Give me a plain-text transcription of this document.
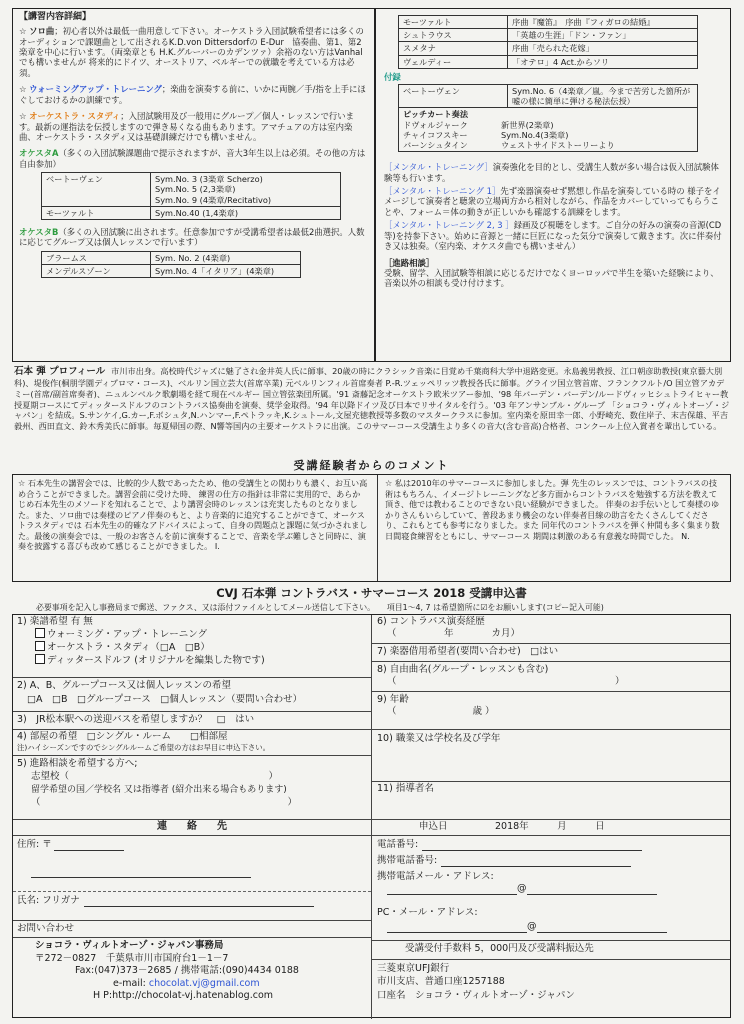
【講習内容詳細】
☆ ソロ曲；初心者以外は最低一曲用意して下さい。オーケストラ入団試験希望者には多くのオーディションで課題曲として出されるK.D.von Dittersdorfの E-Dur　協奏曲、第1、第2楽章を中心に行います。（両楽章とも H.K.グルーバーのカデンツァ）余裕のない方はVanhalでも構いませんが 将来的にドイツ、オーストリア、ベルギーでの就職を考えている方は必須。
☆ ウォーミングアップ・トレーニング；楽曲を演奏する前に、いかに両腕／手/指を上手にほぐしておけるかの訓練です。
☆ オーケストラ・スタディ；入団試験用及び一般用にグループ／個人・レッスンで行います。最新の運指法を伝授しますので弾き易くなる曲もあります。アマチュアの方は室内楽曲、オーケストラ・スタディ又は基礎訓練だけでも構いません。
オケスタA（多くの入団試験課題曲で提示されますが、音大3年生以上は必須。その他の方は自由参加）
ベートーヴェン	Sym.No. 3 (3楽章 Scherzo)
Sym.No. 5 (2,3楽章)
Sym.No. 9 (4楽章/Recitativo)
モーツァルト	Sym.No.40 (1,4楽章)
オケスタB（多くの入団試験に出されます。任意参加ですが受講希望者は最低2曲選択。人数に応じてグループ又は個人レッスンで行います）
ブラームス	Sym. No. 2 (4楽章)
メンデルスゾーン	Sym.No. 4「イタリア」(4楽章)
モーツァルト	序曲『魔笛』　序曲『フィガロの結婚』
シュトラウス	「英雄の生涯」「ドン・ファン」
スメタナ	序曲「売られた花嫁」
ヴェルディー	「オテロ」4 Act.からソリ
付録
ベートーヴェン	Sym.No. 6（4楽章／嵐。今まで苦労した箇所が嘘の様に簡単に弾ける秘法伝授）

ピッチカート奏法
ドヴォルジャーク	新世界(2楽章)
チャイコフスキー	Sym.No.4(3楽章)
バーンシュタイン	ウェストサイドストーリーより
［メンタル・トレーニング］演奏強化を目的とし、受講生人数が多い場合は仮入団試験体験等も行います。
［メンタル・トレーニング 1］先ず楽器演奏せず黙想し作品を演奏している時の 様子をイメージして演奏者と聴衆の立場両方から相対しながら、作品をカバーしていってもらうことや、フォーム＝体の動きが正しいかも確認する訓練をします。
［メンタル・トレーニング 2, 3 ］録画及び視聴をします。ご自分の好みの演奏の音源(CD等)を持参下さい。始めに音源と一緒に巨匠になった気分で演奏して戴きます。次に伴奏付き又は独奏。（室内楽、オケスタ曲でも構いません）
［進路相談］
受験、留学、入団試験等相談に応じるだけでなくヨーロッパで半生を築いた経験により、音楽以外の相談も受け付けます。
石本 弾 プロフィール 市川市出身。高校時代ジャズに魅了され金井英人氏に師事、20歳の時にクラシック音楽に目覚め千葉商科大学中退路変更。永島義男教授、江口朝彦助教授(東京藝大別科)、堤俊作(桐朋学園ディプロマ・コース)、ベルリン国立芸大(首席卒業) 元ベルリンフィル首席奏者 P.-R.ツェッペリッツ教授各氏に師事。グライツ国立管首席、フランクフルト/O 国立管アカデミー(首席/副首席奏者)、ニュルンベルク歌劇場を経て現在ベルギー 国立管弦楽団所属。'91 斎藤記念オーケストラ欧米ツアー参加、'98 年バーデン・バーデン/ルードヴィッヒシュトライヒャー教授夏期コースにてディッタースドルフのコントラバス協奏曲を演奏、奨学金取得。'94 年以降ドイツ及び日本でリサイタルを行う。'03 年アンサンブル・グループ 「ショコラ・ヴィルトオーゾ・ジャパン」を結成。S.サンケイ,G.カー,F.ボシュタ,N.ハンマー,F.ペトラッキ,K.シュトール,文屋充徳教授等多数のマスタークラスに参加。室内楽を原田幸一郎、小野崎充、数住岸子、末吉保雄、平吉毅州、西田直文、鈴木秀美氏に師事。毎夏帰国の際、N響等国内の主要オーケストラに出演。このサマーコース受講生より多くの音大(含む音高)合格者、コンクール上位入賞者を輩出している。
受講経験者からのコメント
☆ 石本先生の講習会では、比較的少人数であったため、他の受講生との関わりも濃く、お互い高め合うことができました。講習会前に受けた時、 練習の仕方の指針は非常に実用的で、あらかじめ石本先生のメソードを知れることで、より講習会時のレッスンは充実したものとなりました。また、ソロ曲では奏様のピアノ伴奏のもと、より音楽的に追究することができて、オーケストラスタディでは 石本先生の的確なアドバイスによって、自身の問題点と課題に気づかされました。最後の演奏会では、一般のお客さんを前に演奏することで、音楽を学ぶ難しさと同時に、演奏を披露する喜びも改めて感じることができました。 I.
☆ 私は2010年のサマーコースに参加しました。弾 先生のレッスンでは、コントラバスの技術はもちろん、イメージトレーニングなど多方面からコントラバスを勉強する方法を教えて頂き、他では教わることのできない良い経験ができました。 伴奏のお手伝いとして奏様のゆかりさんもいらしていて、普段あまり機会のない伴奏者目線の助言をたくさんしてくださり、これもとても参考になりました。また 同年代のコントラバスを弾く仲間も多く集まり数日間寝食練習をともにし、サマーコース 期間は刺激のある有意義な時間でした。 N.
CVJ 石本弾 コントラバス・サマーコース 2018 受講申込書
必要事項を記入し事務局まで郵送、ファクス、又は添付ファイルとしてメール送信して下さい。　　項目1～4, 7 は希望箇所に☑をお願いします(コピー記入可能)
1) 楽譜希望 有 無
ウォーミング・アップ・トレーニング
オーケストラ・スタディ（□A　□B）
ディッタースドルフ (オリジナルを編集した物です)
2) A、B、グループコース又は個人レッスンの希望
□A　□B　□グループコース　□個人レッスン（要問い合わせ）
3)　JR松本駅への送迎バスを希望しますか？　□　はい
4) 部屋の希望　□シングル・ルーム　　□相部屋
注)ハイシーズンですのでシングルルームご希望の方はお早目に申込下さい。
5) 進路相談を希望する方へ;
志望校（　　　　　　　　　　　　　　　　　　　　　）
留学希望の国／学校名 又は指導者 (紹介出来る場合もあります)
（　　　　　　　　　　　　　　　　　　　　　　　　　　）
6) コントラバス演奏経歴
（　　　　　年　　　　カ月）
7) 楽器借用希望者(要問い合わせ)　□はい
8) 自由曲名(グループ・レッスンも含む)
（　　　　　　　　　　　　　　　　　　　　　　　）
9) 年齢
（　　　　　　　　歳 ）
10) 職業又は学校名及び学年
11) 指導者名
連　　絡　　先	申込日　　　　　2018年　　　月　　　日
住所: 〒
氏名: フリガナ
電話番号:
携帯電話番号:
携帯電話メール・アドレス:
@
PC・メール・アドレス:
@
お問い合わせ
ショコラ・ヴィルトオーゾ・ジャパン事務局
〒272－0827　千葉県市川市国府台1－1－7
Fax:(047)373－2685 / 携帯電話:(090)4434 0188
e-mail: chocolat.vj@gmail.com
H P:http://chocolat-vj.hatenablog.com
受講受付手数料 5，000円及び受講料振込先
三菱東京UFJ銀行
市川支店、普通口座1257188
口座名　ショコラ・ヴィルトオーゾ・ジャパン
